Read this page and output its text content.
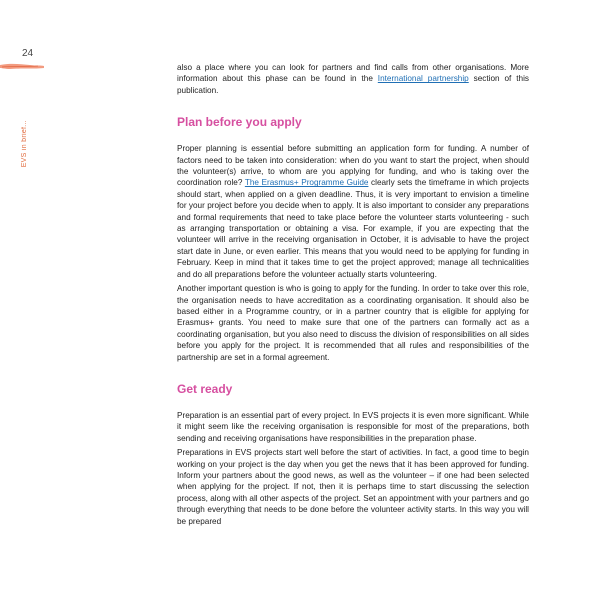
24
EVS in brief...

also a place where you can look for partners and find calls from other organisations. More information about this phase can be found in the International partnership section of this publication.

Plan before you apply

Proper planning is essential before submitting an application form for funding. A number of factors need to be taken into consideration: when do you want to start the project, when should the volunteer(s) arrive, to whom are you applying for funding, and who is taking over the coordination role? The Erasmus+ Programme Guide clearly sets the timeframe in which projects should start, when applied on a given deadline. Thus, it is very important to envision a timeline for your project before you decide when to apply. It is also important to consider any preparations and formal requirements that need to take place before the volunteer starts volunteering - such as arranging transportation or obtaining a visa. For example, if you are expecting that the volunteer will arrive in the receiving organisation in October, it is advisable to have the project start date in June, or even earlier. This means that you would need to be applying for funding in February. Keep in mind that it takes time to get the project approved; manage all technicalities and do all preparations before the volunteer actually starts volunteering.

Another important question is who is going to apply for the funding. In order to take over this role, the organisation needs to have accreditation as a coordinating organisation. It should also be based either in a Programme country, or in a partner country that is eligible for applying for Erasmus+ grants. You need to make sure that one of the partners can formally act as a coordinating organisation, but you also need to discuss the division of responsibilities on all sides before you apply for the project. It is recommended that all rules and responsibilities of the partnership are set in a formal agreement.

Get ready

Preparation is an essential part of every project. In EVS projects it is even more significant. While it might seem like the receiving organisation is responsible for most of the preparations, both sending and receiving organisations have responsibilities in the preparation phase.

Preparations in EVS projects start well before the start of activities. In fact, a good time to begin working on your project is the day when you get the news that it has been approved for funding. Inform your partners about the good news, as well as the volunteer – if one had been selected when applying for the project. If not, then it is perhaps time to start discussing the selection process, along with all other aspects of the project. Set an appointment with your partners and go through everything that needs to be done before the volunteer activity starts. In this way you will be prepared
